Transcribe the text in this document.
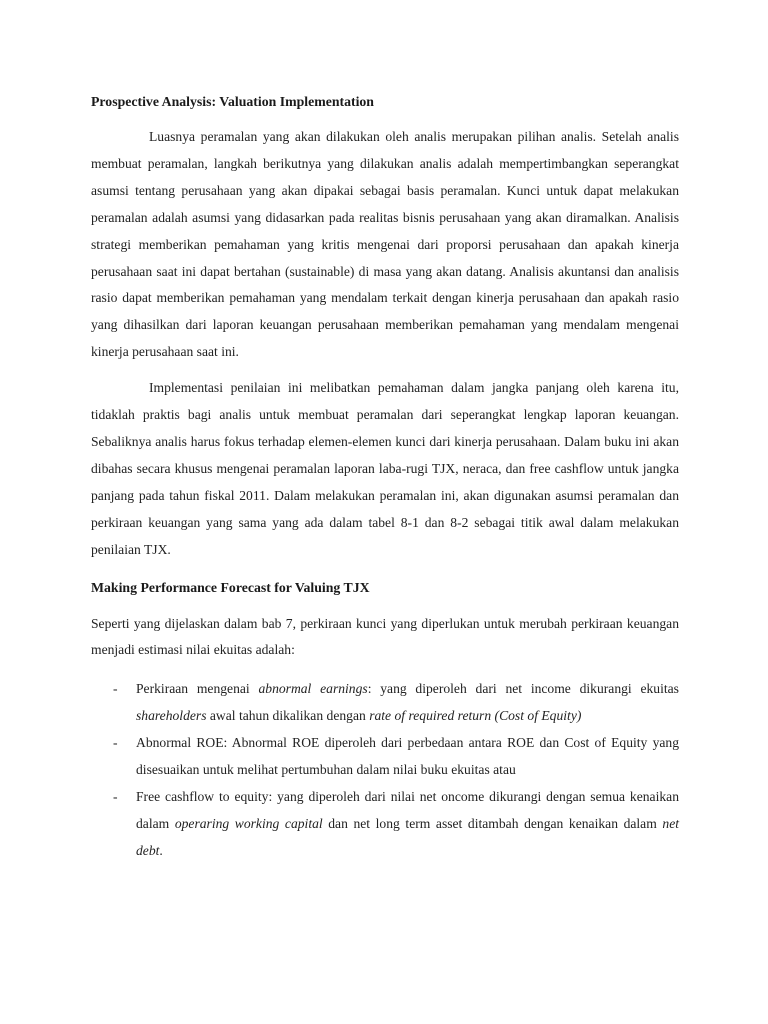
Prospective Analysis: Valuation Implementation

Luasnya peramalan yang akan dilakukan oleh analis merupakan pilihan analis. Setelah analis membuat peramalan, langkah berikutnya yang dilakukan analis adalah mempertimbangkan seperangkat asumsi tentang perusahaan yang akan dipakai sebagai basis peramalan. Kunci untuk dapat melakukan peramalan adalah asumsi yang didasarkan pada realitas bisnis perusahaan yang akan diramalkan. Analisis strategi memberikan pemahaman yang kritis mengenai dari proporsi perusahaan dan apakah kinerja perusahaan saat ini dapat bertahan (sustainable) di masa yang akan datang. Analisis akuntansi dan analisis rasio dapat memberikan pemahaman yang mendalam terkait dengan kinerja perusahaan dan apakah rasio yang dihasilkan dari laporan keuangan perusahaan memberikan pemahaman yang mendalam mengenai kinerja perusahaan saat ini.

Implementasi penilaian ini melibatkan pemahaman dalam jangka panjang oleh karena itu, tidaklah praktis bagi analis untuk membuat peramalan dari seperangkat lengkap laporan keuangan. Sebaliknya analis harus fokus terhadap elemen-elemen kunci dari kinerja perusahaan. Dalam buku ini akan dibahas secara khusus mengenai peramalan laporan laba-rugi TJX, neraca, dan free cashflow untuk jangka panjang pada tahun fiskal 2011. Dalam melakukan peramalan ini, akan digunakan asumsi peramalan dan perkiraan keuangan yang sama yang ada dalam tabel 8-1 dan 8-2 sebagai titik awal dalam melakukan penilaian TJX.

Making Performance Forecast for Valuing TJX

Seperti yang dijelaskan dalam bab 7, perkiraan kunci yang diperlukan untuk merubah perkiraan keuangan menjadi estimasi nilai ekuitas adalah:

- Perkiraan mengenai abnormal earnings: yang diperoleh dari net income dikurangi ekuitas shareholders awal tahun dikalikan dengan rate of required return (Cost of Equity)
- Abnormal ROE: Abnormal ROE diperoleh dari perbedaan antara ROE dan Cost of Equity yang disesuaikan untuk melihat pertumbuhan dalam nilai buku ekuitas atau
- Free cashflow to equity: yang diperoleh dari nilai net oncome dikurangi dengan semua kenaikan dalam operaring working capital dan net long term asset ditambah dengan kenaikan dalam net debt.
